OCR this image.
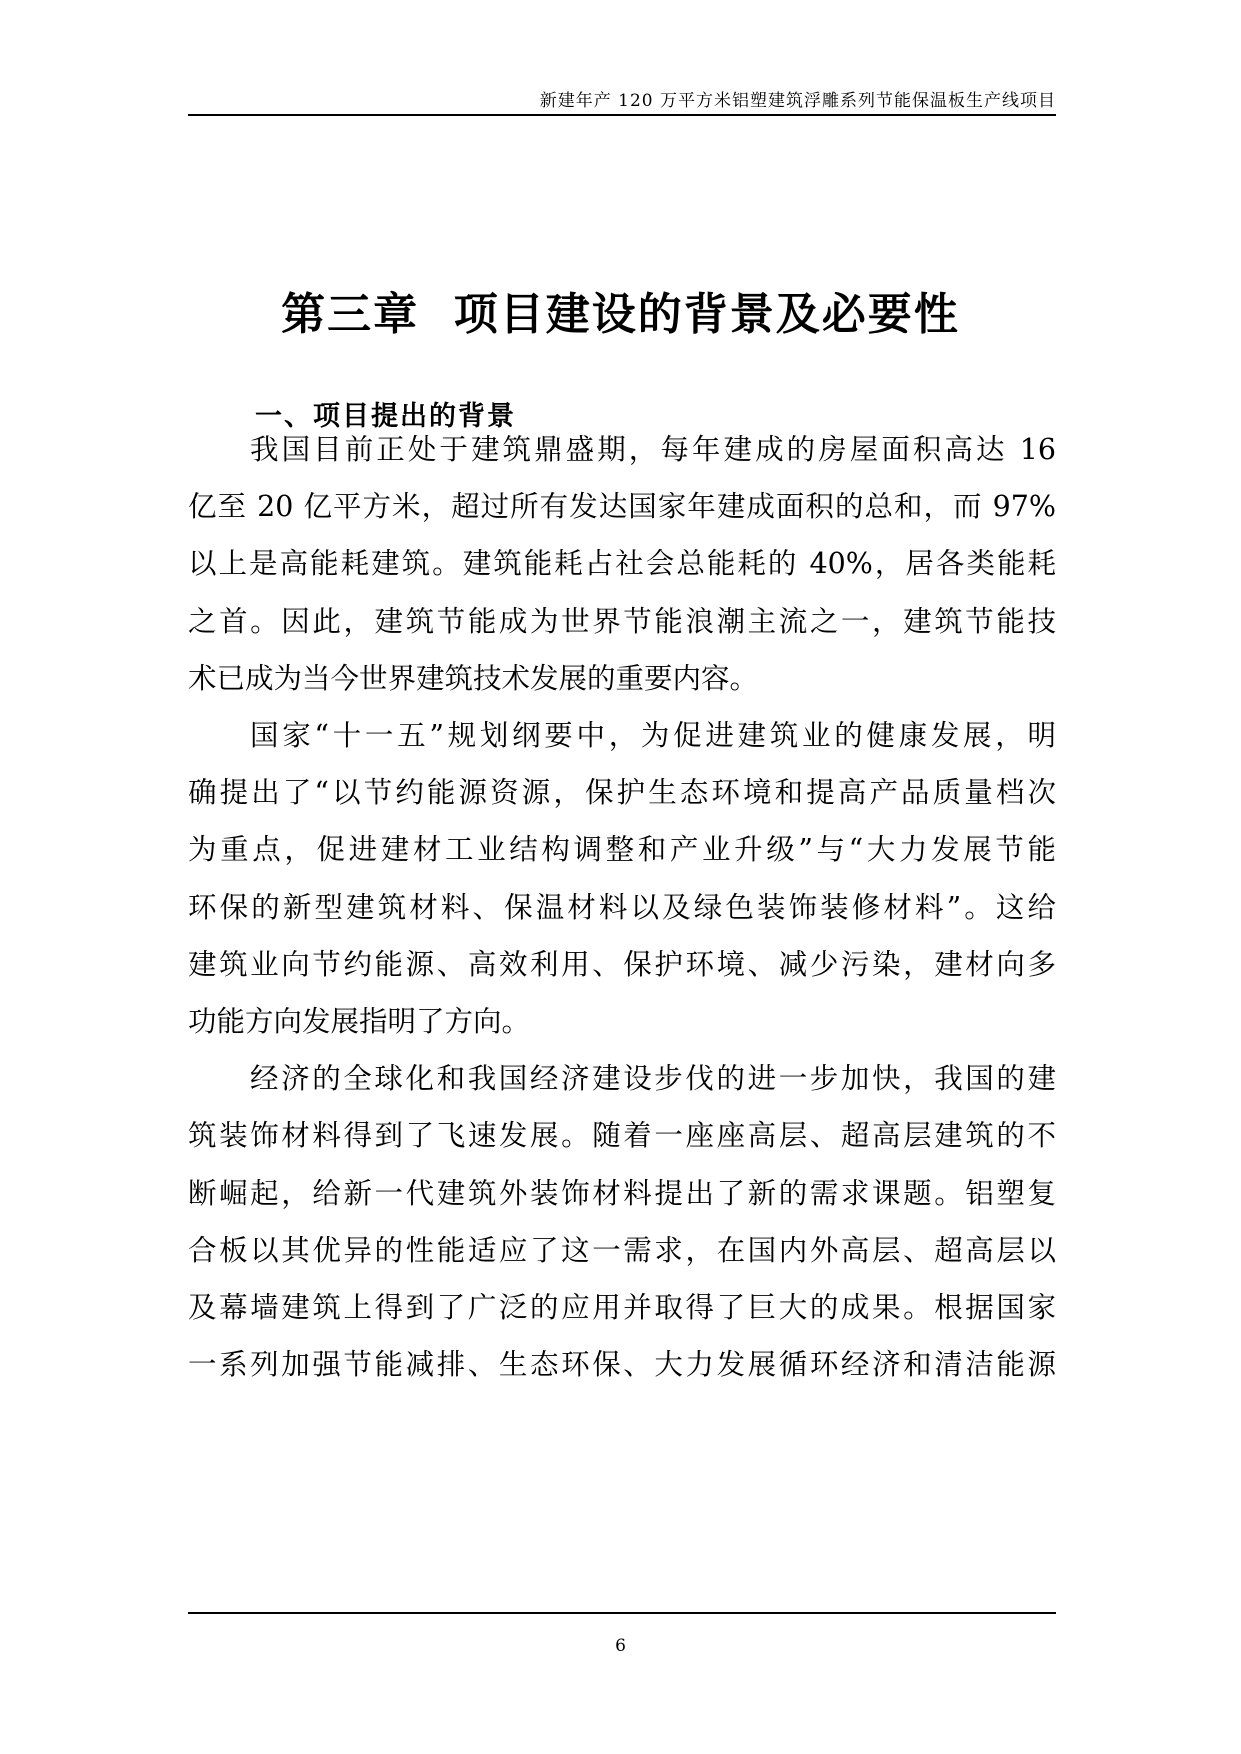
新建年产 120 万平方米铝塑建筑浮雕系列节能保温板生产线项目
第三章  项目建设的背景及必要性
一、项目提出的背景
我国目前正处于建筑鼎盛期，每年建成的房屋面积高达 16
亿至 20 亿平方米，超过所有发达国家年建成面积的总和，而 97%
以上是高能耗建筑。建筑能耗占社会总能耗的 40%，居各类能耗
之首。因此，建筑节能成为世界节能浪潮主流之一，建筑节能技
术已成为当今世界建筑技术发展的重要内容。
国家“十一五”规划纲要中，为促进建筑业的健康发展，明
确提出了“以节约能源资源，保护生态环境和提高产品质量档次
为重点，促进建材工业结构调整和产业升级”与“大力发展节能
环保的新型建筑材料、保温材料以及绿色装饰装修材料”。这给
建筑业向节约能源、高效利用、保护环境、减少污染，建材向多
功能方向发展指明了方向。
经济的全球化和我国经济建设步伐的进一步加快，我国的建
筑装饰材料得到了飞速发展。随着一座座高层、超高层建筑的不
断崛起，给新一代建筑外装饰材料提出了新的需求课题。铝塑复
合板以其优异的性能适应了这一需求，在国内外高层、超高层以
及幕墙建筑上得到了广泛的应用并取得了巨大的成果。根据国家
一系列加强节能减排、生态环保、大力发展循环经济和清洁能源
6
